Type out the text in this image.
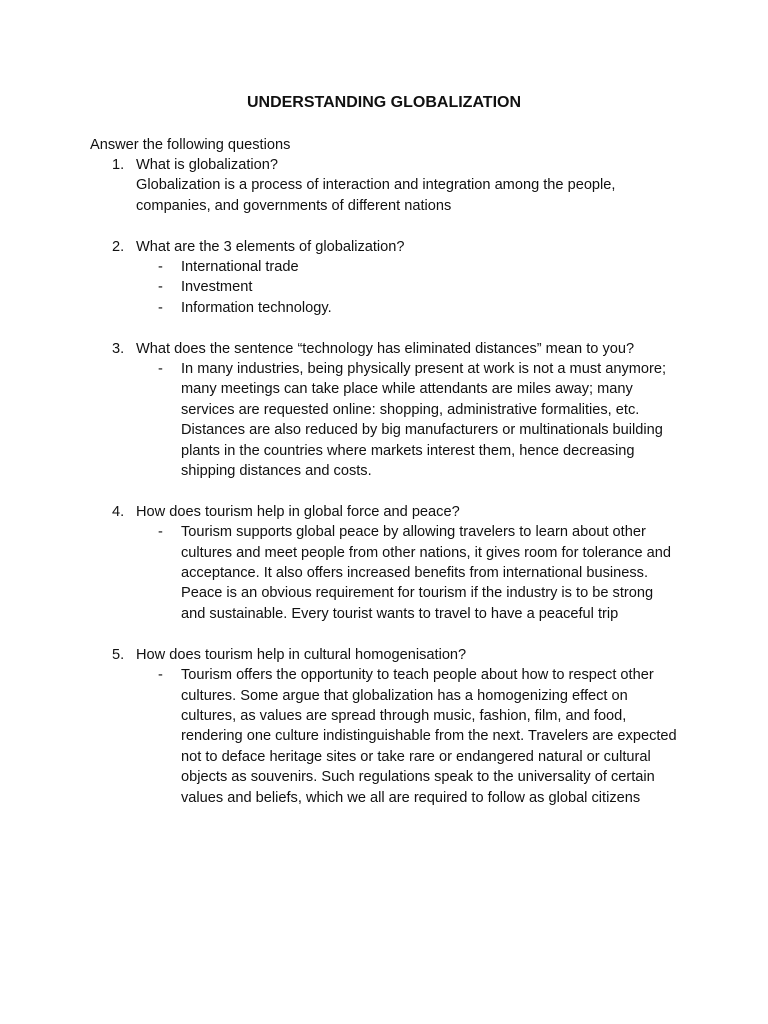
UNDERSTANDING GLOBALIZATION
Answer the following questions
1. What is globalization?
Globalization is a process of interaction and integration among the people, companies, and governments of different nations
2. What are the 3 elements of globalization?
- International trade
- Investment
- Information technology.
3. What does the sentence “technology has eliminated distances” mean to you?
- In many industries, being physically present at work is not a must anymore; many meetings can take place while attendants are miles away; many services are requested online: shopping, administrative formalities, etc. Distances are also reduced by big manufacturers or multinationals building plants in the countries where markets interest them, hence decreasing shipping distances and costs.
4. How does tourism help in global force and peace?
- Tourism supports global peace by allowing travelers to learn about other cultures and meet people from other nations, it gives room for tolerance and acceptance. It also offers increased benefits from international business. Peace is an obvious requirement for tourism if the industry is to be strong and sustainable. Every tourist wants to travel to have a peaceful trip
5. How does tourism help in cultural homogenisation?
- Tourism offers the opportunity to teach people about how to respect other cultures. Some argue that globalization has a homogenizing effect on cultures, as values are spread through music, fashion, film, and food, rendering one culture indistinguishable from the next. Travelers are expected not to deface heritage sites or take rare or endangered natural or cultural objects as souvenirs. Such regulations speak to the universality of certain values and beliefs, which we all are required to follow as global citizens
